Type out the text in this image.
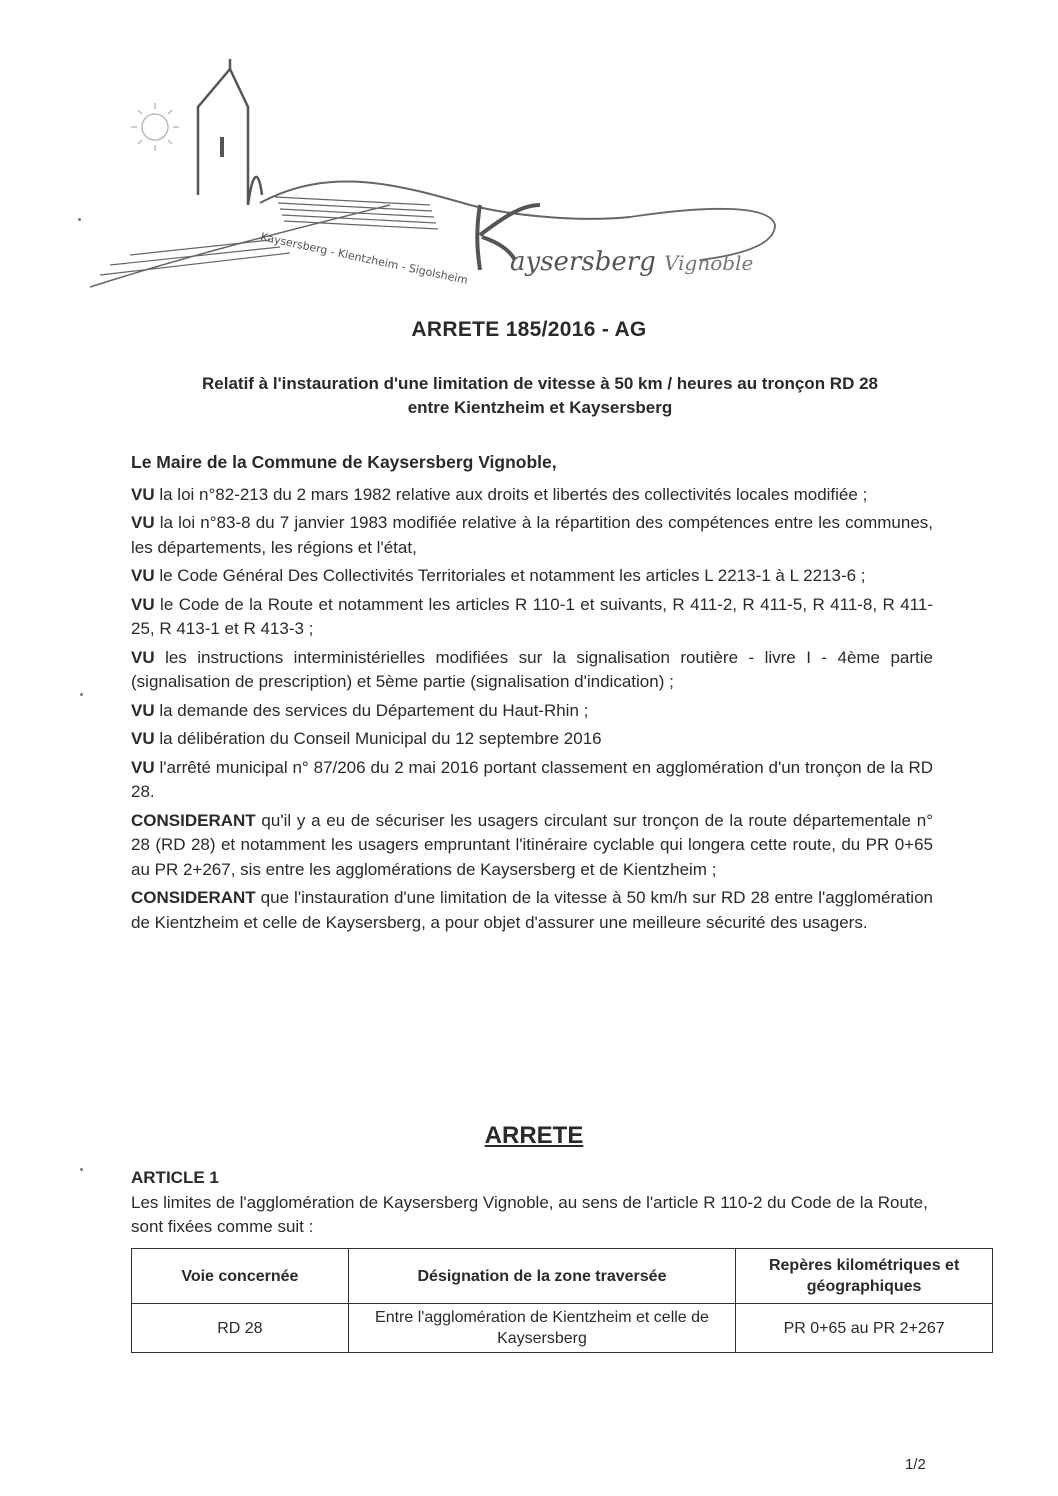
Kaysersberg - Kientzheim - Sigolsheim aysersberg Vignoble
ARRETE 185/2016 - AG
Relatif à l'instauration d'une limitation de vitesse à 50 km / heures au tronçon RD 28
entre Kientzheim et Kaysersberg
Le Maire de la Commune de Kaysersberg Vignoble,

VU la loi n°82-213 du 2 mars 1982 relative aux droits et libertés des collectivités locales modifiée ;

VU la loi n°83-8 du 7 janvier 1983 modifiée relative à la répartition des compétences entre les communes, les départements, les régions et l'état,

VU le Code Général Des Collectivités Territoriales et notamment les articles L 2213-1 à L 2213-6 ;

VU le Code de la Route et notamment les articles R 110-1 et suivants, R 411-2, R 411-5, R 411-8, R 411-25, R 413-1 et R 413-3 ;

VU les instructions interministérielles modifiées sur la signalisation routière - livre I - 4ème partie (signalisation de prescription) et 5ème partie (signalisation d'indication) ;

VU la demande des services du Département du Haut-Rhin ;

VU la délibération du Conseil Municipal du 12 septembre 2016

VU l'arrêté municipal n° 87/206 du 2 mai 2016 portant classement en agglomération d'un tronçon de la RD 28.

CONSIDERANT qu'il y a eu de sécuriser les usagers circulant sur tronçon de la route départementale n° 28 (RD 28) et notamment les usagers empruntant l'itinéraire cyclable qui longera cette route, du PR 0+65 au PR 2+267, sis entre les agglomérations de Kaysersberg et de Kientzheim ;

CONSIDERANT que l'instauration d'une limitation de la vitesse à 50 km/h sur RD 28 entre l'agglomération de Kientzheim et celle de Kaysersberg, a pour objet d'assurer une meilleure sécurité des usagers.

ARRETE
ARTICLE 1
Les limites de l'agglomération de Kaysersberg Vignoble, au sens de l'article R 110-2 du Code de la Route, sont fixées comme suit :
Voie concernée	Désignation de la zone traversée	Repères kilométriques et géographiques
RD 28	Entre l'agglomération de Kientzheim et celle de Kaysersberg	PR 0+65 au PR 2+267
1/2
